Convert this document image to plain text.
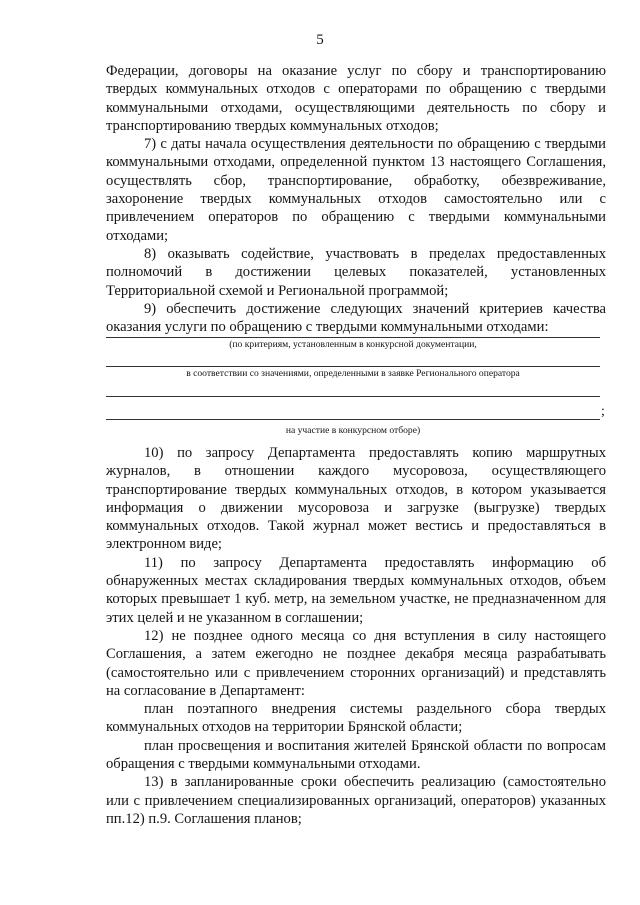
5

Федерации, договоры на оказание услуг по сбору и транспортированию твердых коммунальных отходов с операторами по обращению с твердыми коммунальными отходами, осуществляющими деятельность по сбору и транспортированию твердых коммунальных отходов;

7) с даты начала осуществления деятельности по обращению с твердыми коммунальными отходами, определенной пунктом 13 настоящего Соглашения, осуществлять сбор, транспортирование, обработку, обезвреживание, захоронение твердых коммунальных отходов самостоятельно или с привлечением операторов по обращению с твердыми коммунальными отходами;

8) оказывать содействие, участвовать в пределах предоставленных полномочий в достижении целевых показателей, установленных Территориальной схемой и Региональной программой;

9) обеспечить достижение следующих значений критериев качества оказания услуги по обращению с твердыми коммунальными отходами:

(по критериям, установленным в конкурсной документации,
в соответствии со значениями, определенными в заявке Регионального оператора
;
на участие в конкурсном отборе)

10) по запросу Департамента предоставлять копию маршрутных журналов, в отношении каждого мусоровоза, осуществляющего транспортирование твердых коммунальных отходов, в котором указывается информация о движении мусоровоза и загрузке (выгрузке) твердых коммунальных отходов. Такой журнал может вестись и предоставляться в электронном виде;

11) по запросу Департамента предоставлять информацию об обнаруженных местах складирования твердых коммунальных отходов, объем которых превышает 1 куб. метр, на земельном участке, не предназначенном для этих целей и не указанном в соглашении;

12) не позднее одного месяца со дня вступления в силу настоящего Соглашения, а затем ежегодно не позднее декабря месяца разрабатывать (самостоятельно или с привлечением сторонних организаций) и представлять на согласование в Департамент:

план поэтапного внедрения системы раздельного сбора твердых коммунальных отходов на территории Брянской области;

план просвещения и воспитания жителей Брянской области по вопросам обращения с твердыми коммунальными отходами.

13) в запланированные сроки обеспечить реализацию (самостоятельно или с привлечением специализированных организаций, операторов) указанных пп.12) п.9. Соглашения планов;
